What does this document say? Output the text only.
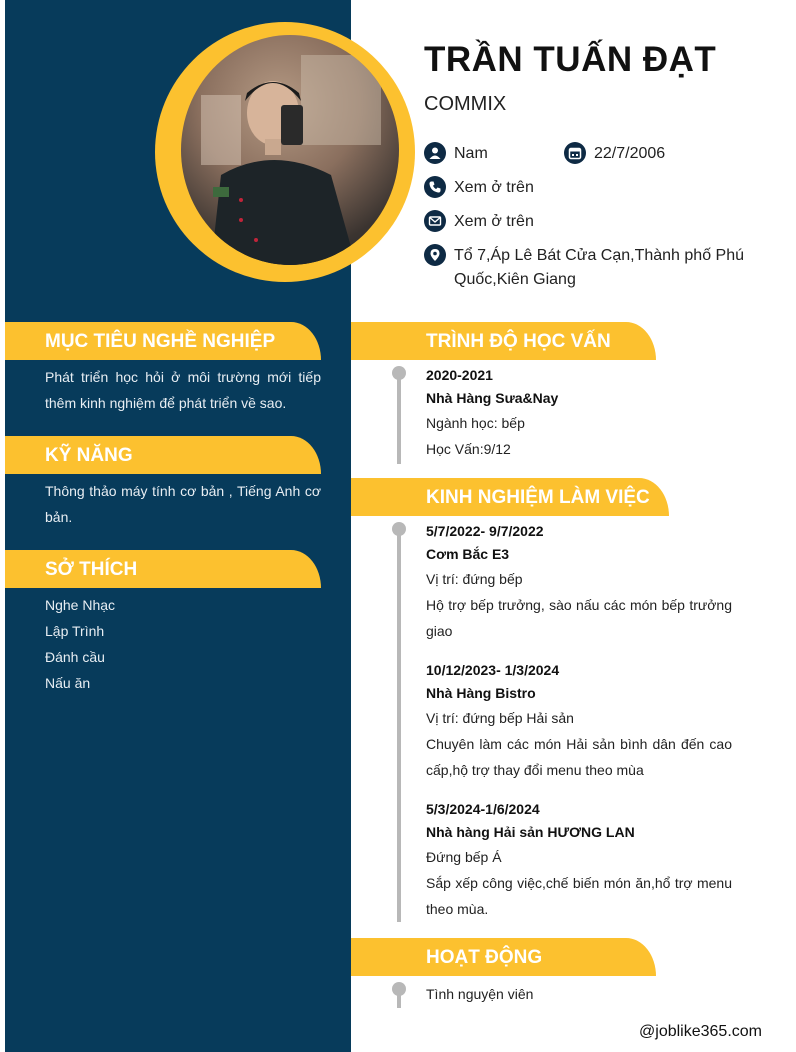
TRẦN TUẤN ĐẠT
COMMIX
Nam	22/7/2006
Xem ở trên
Xem ở trên
Tổ 7,Áp Lê Bát Cửa Cạn,Thành phố Phú Quốc,Kiên Giang
MỤC TIÊU NGHỀ NGHIỆP
Phát triển học hỏi ở môi trường mới tiếp thêm kinh nghiệm để phát triển về sao.
KỸ NĂNG
Thông thảo máy tính cơ bản , Tiếng Anh cơ bản.
SỞ THÍCH
Nghe Nhạc
Lập Trình
Đánh cầu
Nấu ăn
TRÌNH ĐỘ HỌC VẤN
2020-2021
Nhà Hàng Sưa&Nay
Ngành học: bếp
Học Vấn:9/12
KINH NGHIỆM LÀM VIỆC
5/7/2022- 9/7/2022
Cơm Bắc E3
Vị trí: đứng bếp
Hộ trợ bếp trưởng, sào nấu các món bếp trưởng giao
10/12/2023- 1/3/2024
Nhà Hàng Bistro
Vị trí: đứng bếp Hải sản
Chuyên làm các món Hải sản bình dân đến cao cấp,hộ trợ thay đổi menu theo mùa
5/3/2024-1/6/2024
Nhà hàng Hải sản HƯƠNG LAN
Đứng bếp Á
Sắp xếp công việc,chế biến món ăn,hổ trợ menu theo mùa.
HOẠT ĐỘNG
Tình nguyện viên
@joblike365.com
